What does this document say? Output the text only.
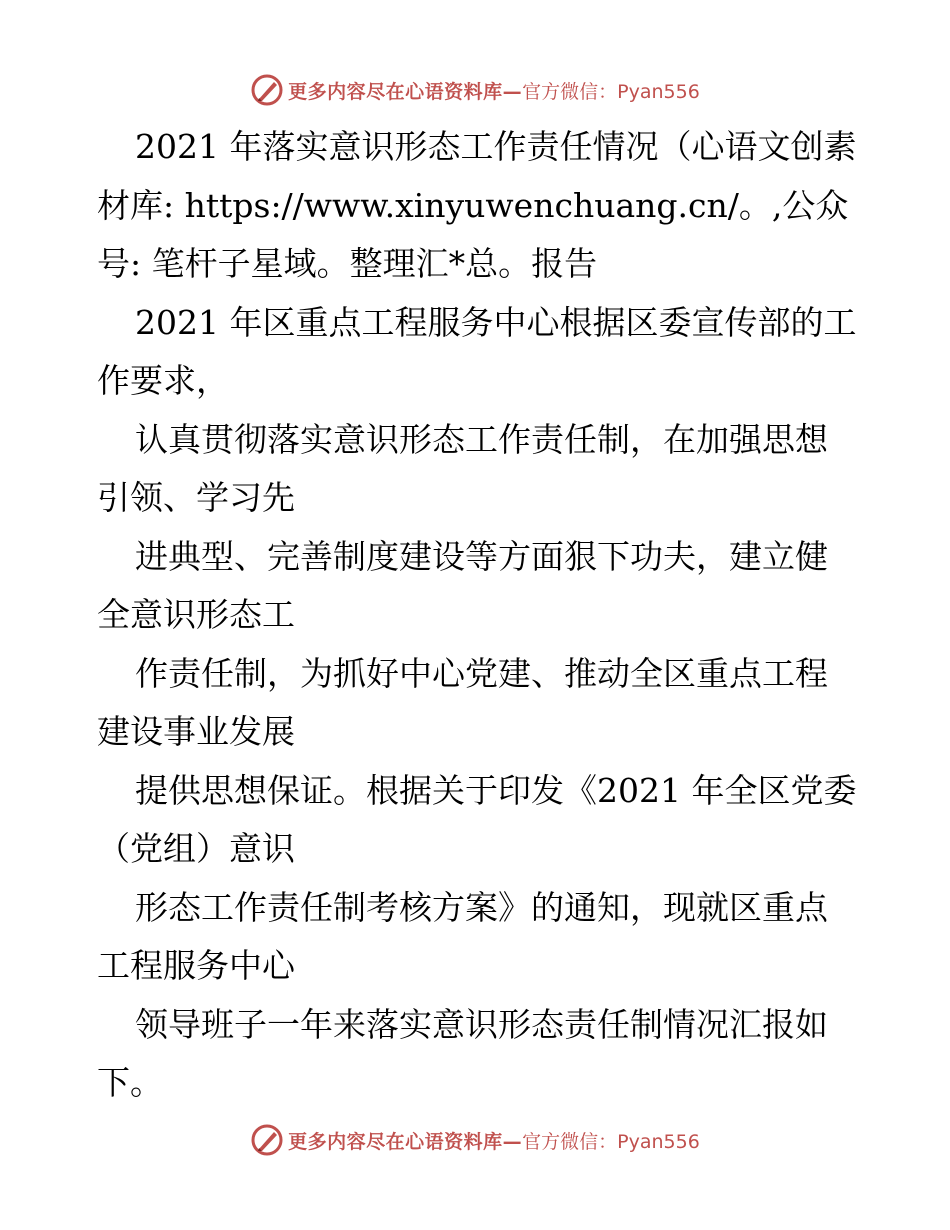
更多内容尽在心语资料库— 官方微信：Pyan556

2021 年落实意识形态工作责任情况（心语文创素材库: https://www.xinyuwenchuang.cn/。,公众号: 笔杆子星域。整理汇*总。报告

2021 年区重点工程服务中心根据区委宣传部的工作要求，

认真贯彻落实意识形态工作责任制，在加强思想引领、学习先

进典型、完善制度建设等方面狠下功夫，建立健全意识形态工

作责任制，为抓好中心党建、推动全区重点工程建设事业发展

提供思想保证。根据关于印发《2021 年全区党委（党组）意识

形态工作责任制考核方案》的通知，现就区重点工程服务中心

领导班子一年来落实意识形态责任制情况汇报如下。

更多内容尽在心语资料库— 官方微信：Pyan556
